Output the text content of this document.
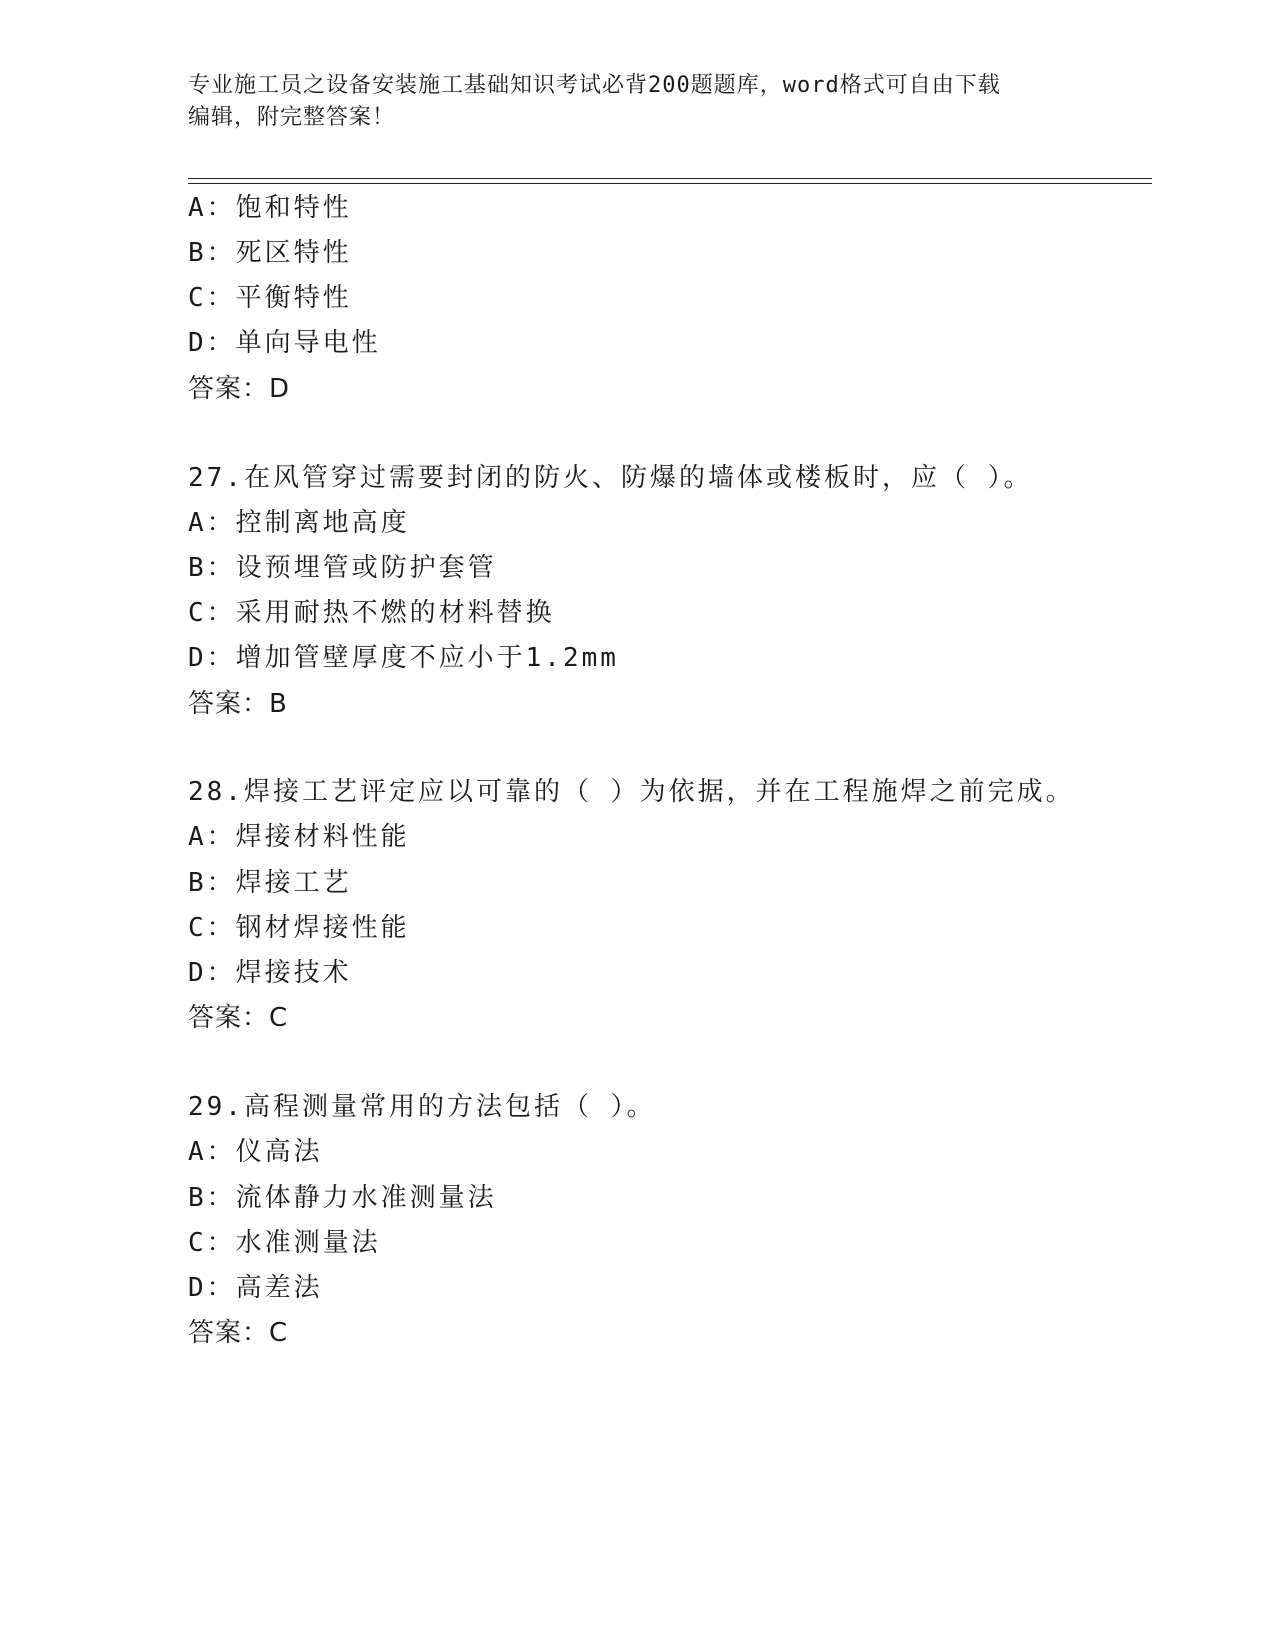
专业施工员之设备安装施工基础知识考试必背200题题库，word格式可自由下载
编辑，附完整答案！
A：饱和特性
B：死区特性
C：平衡特性
D：单向导电性
答案：D
27.在风管穿过需要封闭的防火、防爆的墙体或楼板时，应（ ）。
A：控制离地高度
B：设预埋管或防护套管
C：采用耐热不燃的材料替换
D：增加管壁厚度不应小于1.2mm
答案：B
28.焊接工艺评定应以可靠的（ ）为依据，并在工程施焊之前完成。
A：焊接材料性能
B：焊接工艺
C：钢材焊接性能
D：焊接技术
答案：C
29.高程测量常用的方法包括（ ）。
A：仪高法
B：流体静力水准测量法
C：水准测量法
D：高差法
答案：C
